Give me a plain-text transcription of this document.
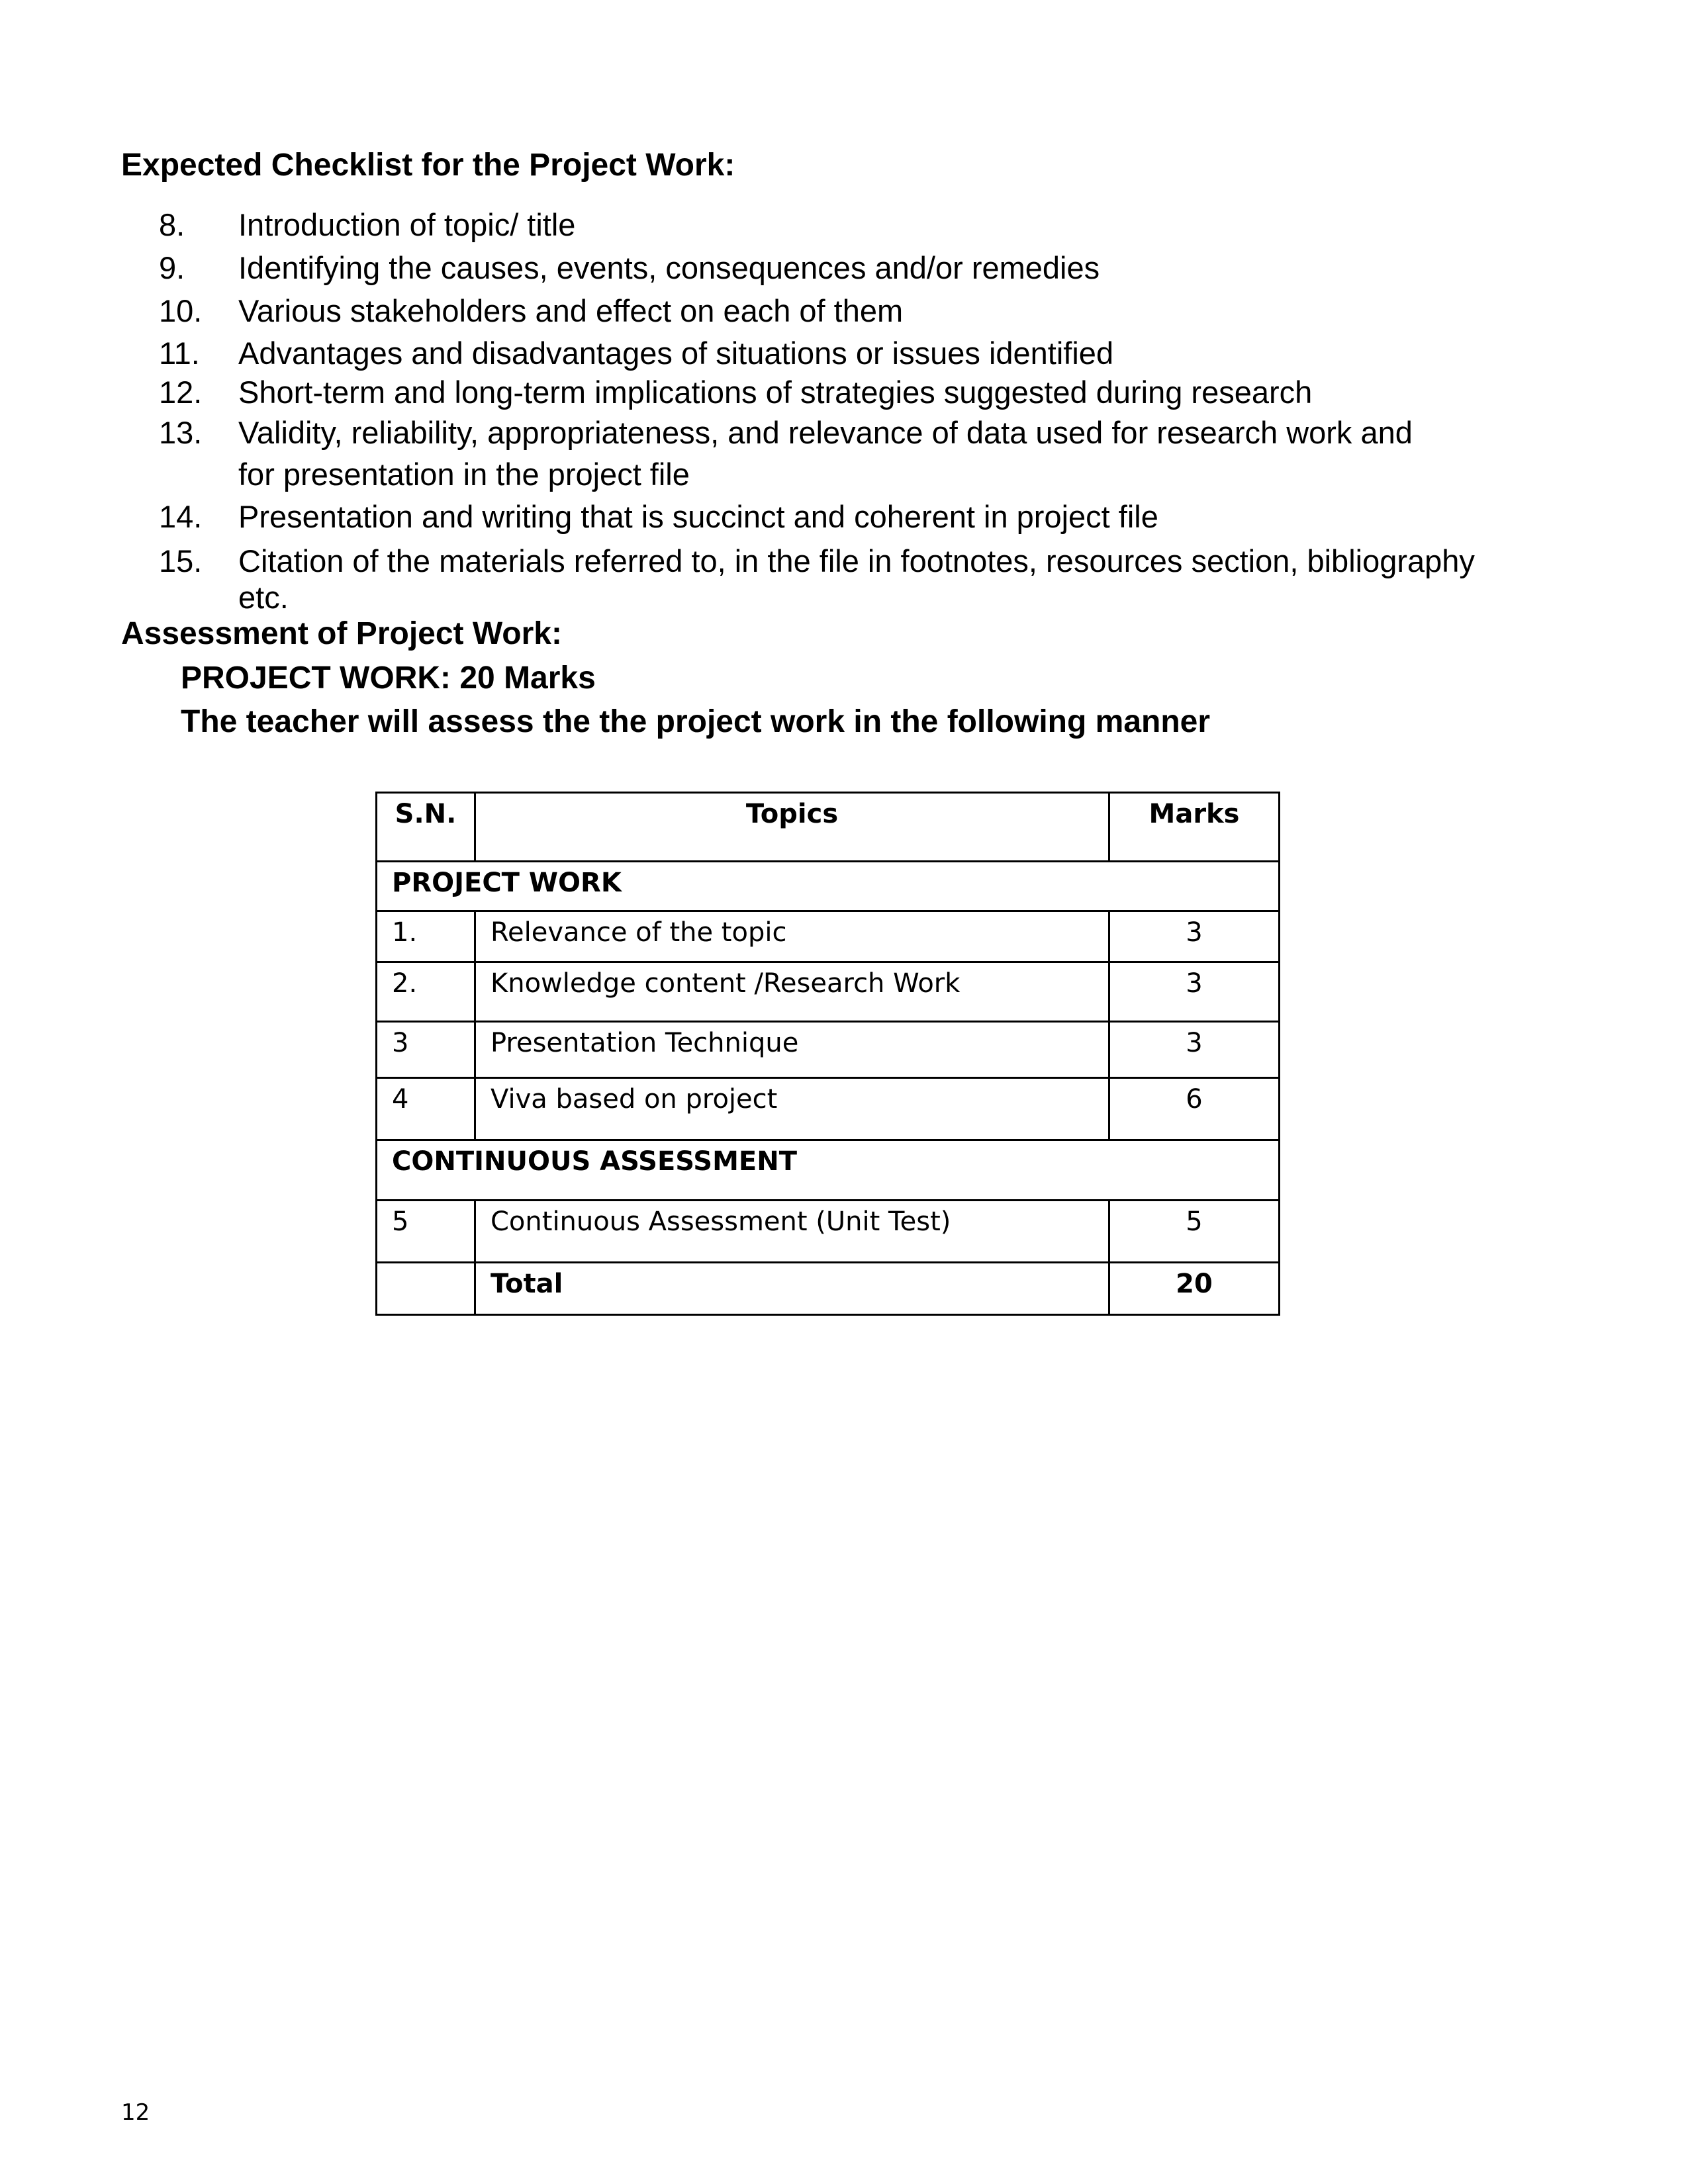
Expected Checklist for the Project Work:
8. Introduction of topic/ title
9. Identifying the causes, events, consequences and/or remedies
10. Various stakeholders and effect on each of them
11. Advantages and disadvantages of situations or issues identified
12. Short-term and long-term implications of strategies suggested during research
13. Validity, reliability, appropriateness, and relevance of data used for research work and
for presentation in the project file
14. Presentation and writing that is succinct and coherent in project file
15. Citation of the materials referred to, in the file in footnotes, resources section, bibliography
etc.
Assessment of Project Work:
PROJECT WORK: 20 Marks
The teacher will assess the the project work in the following manner
S.N.	Topics	Marks
PROJECT WORK		
1.	Relevance of the topic	3
2.	Knowledge content /Research Work	3
3	Presentation Technique	3
4	Viva based on project	6
CONTINUOUS ASSESSMENT		
5	Continuous Assessment (Unit Test)	5
	Total	20
12
